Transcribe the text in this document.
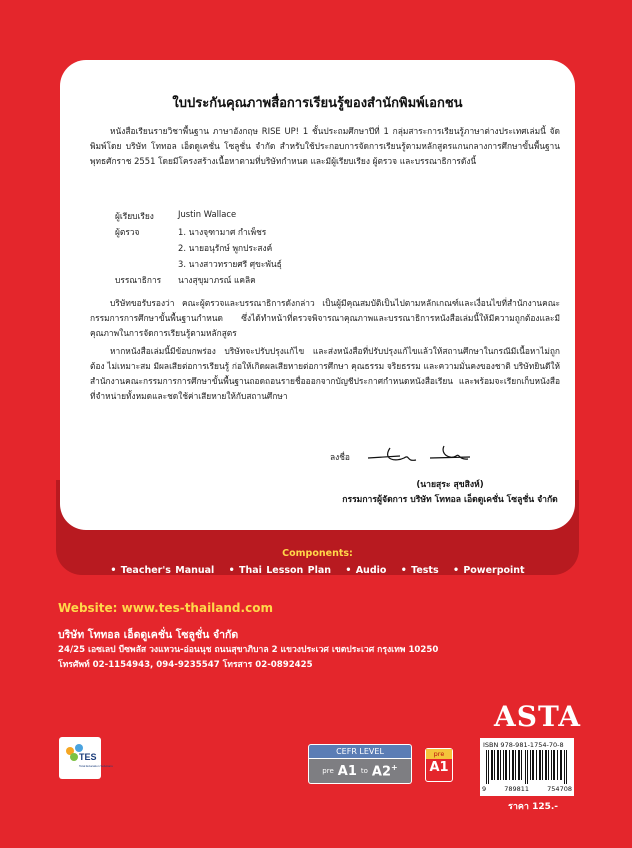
ใบประกันคุณภาพสื่อการเรียนรู้ของสำนักพิมพ์เอกชน
หนังสือเรียนรายวิชาพื้นฐาน ภาษาอังกฤษ RISE UP! 1 ชั้นประถมศึกษาปีที่ 1 กลุ่มสาระการเรียนรู้ภาษาต่างประเทศเล่มนี้ จัดพิมพ์โดย บริษัท โททอล เอ็ดดูเคชั่น โซลูชั่น จำกัด สำหรับใช้ประกอบการจัดการเรียนรู้ตามหลักสูตรแกนกลางการศึกษาขั้นพื้นฐาน พุทธศักราช 2551 โดยมีโครงสร้างเนื้อหาตามที่บริษัทกำหนด และมีผู้เรียบเรียง ผู้ตรวจ และบรรณาธิการดังนี้
ผู้เรียบเรียง	Justin Wallace
ผู้ตรวจ	1. นางจุฑามาศ กำเพ็ชร
2. นายอนุรักษ์ พูกประสงค์
3. นางสาวทรายศรี ศุขะพันธุ์
บรรณาธิการ	นางสุขุมาภรณ์ แคลิค
บริษัทขอรับรองว่า คณะผู้ตรวจและบรรณาธิการดังกล่าว เป็นผู้มีคุณสมบัติเป็นไปตามหลักเกณฑ์และเงื่อนไขที่สำนักงานคณะกรรมการการศึกษาขั้นพื้นฐานกำหนด ซึ่งได้ทำหน้าที่ตรวจพิจารณาคุณภาพและบรรณาธิการหนังสือเล่มนี้ให้มีความถูกต้องและมีคุณภาพในการจัดการเรียนรู้ตามหลักสูตร
หากหนังสือเล่มนี้มีข้อบกพร่อง บริษัทจะปรับปรุงแก้ไข และส่งหนังสือที่ปรับปรุงแก้ไขแล้วให้สถานศึกษาในกรณีมีเนื้อหาไม่ถูกต้อง ไม่เหมาะสม มีผลเสียต่อการเรียนรู้ ก่อให้เกิดผลเสียหายต่อการศึกษา คุณธรรม จริยธรรม และความมั่นคงของชาติ บริษัทยินดีให้สำนักงานคณะกรรมการการศึกษาขั้นพื้นฐานถอดถอนรายชื่อออกจากบัญชีประกาศกำหนดหนังสือเรียน และพร้อมจะเรียกเก็บหนังสือที่จำหน่ายทั้งหมดและชดใช้ค่าเสียหายให้กับสถานศึกษา
ลงชื่อ
(นายสุระ สุขสิงห์)
กรรมการผู้จัดการ บริษัท โททอล เอ็ดดูเคชั่น โซลูชั่น จำกัด
Components:
• Teacher's Manual • Thai Lesson Plan • Audio • Tests • Powerpoint
Website: www.tes-thailand.com
บริษัท โททอล เอ็ดดูเคชั่น โซลูชั่น จำกัด
24/25 เอซเลป บีซพลัส วงแหวน-อ่อนนุช ถนนสุขาภิบาล 2 แขวงประเวศ เขตประเวศ กรุงเทพ 10250
โทรศัพท์ 02-1154943, 094-9235547 โทรสาร 02-0892425
ASTA
TES
Total Education Solutions
CEFR LEVEL
pre A1 to A2+
pre
A1
ISBN 978-981-1754-70-8
9	789811	754708
ราคา 125.-
